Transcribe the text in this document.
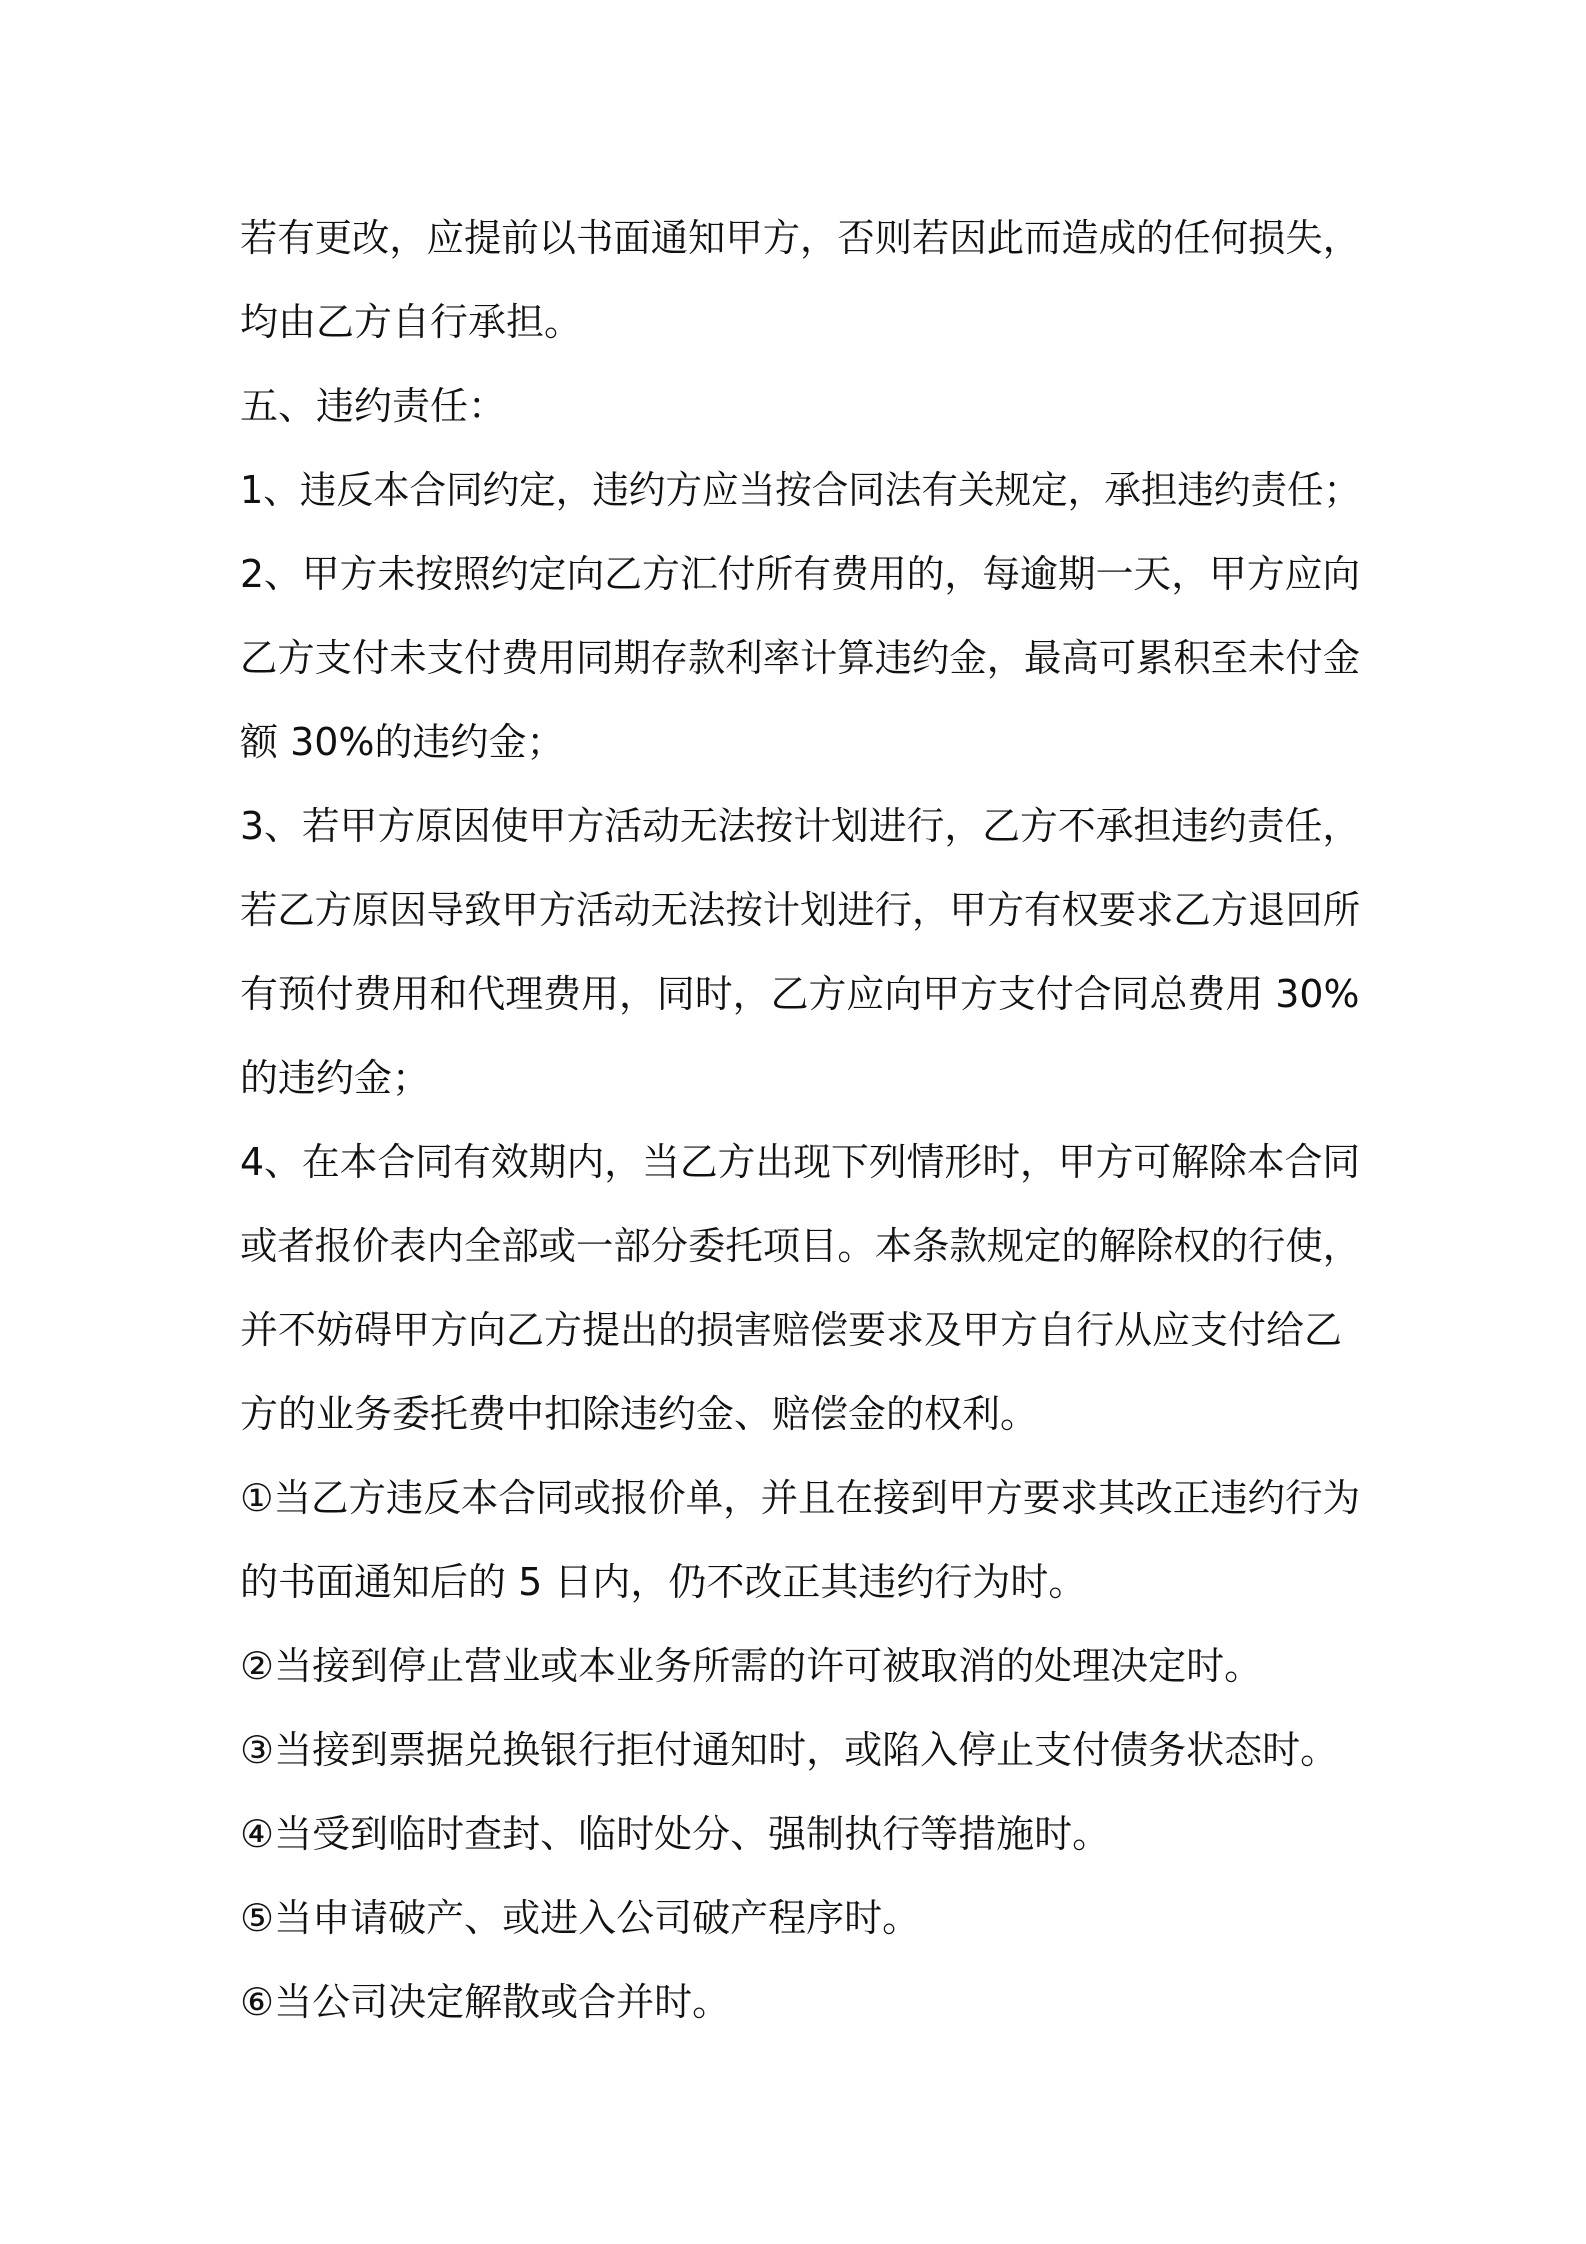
若有更改，应提前以书面通知甲方，否则若因此而造成的任何损失，
均由乙方自行承担。
五、违约责任：
1、违反本合同约定，违约方应当按合同法有关规定，承担违约责任；
2、甲方未按照约定向乙方汇付所有费用的，每逾期一天，甲方应向
乙方支付未支付费用同期存款利率计算违约金，最高可累积至未付金
额 30%的违约金；
3、若甲方原因使甲方活动无法按计划进行，乙方不承担违约责任，
若乙方原因导致甲方活动无法按计划进行，甲方有权要求乙方退回所
有预付费用和代理费用，同时，乙方应向甲方支付合同总费用 30%
的违约金；
4、在本合同有效期内，当乙方出现下列情形时，甲方可解除本合同
或者报价表内全部或一部分委托项目。本条款规定的解除权的行使，
并不妨碍甲方向乙方提出的损害赔偿要求及甲方自行从应支付给乙
方的业务委托费中扣除违约金、赔偿金的权利。
①当乙方违反本合同或报价单，并且在接到甲方要求其改正违约行为
的书面通知后的 5 日内，仍不改正其违约行为时。
②当接到停止营业或本业务所需的许可被取消的处理决定时。
③当接到票据兑换银行拒付通知时，或陷入停止支付债务状态时。
④当受到临时查封、临时处分、强制执行等措施时。
⑤当申请破产、或进入公司破产程序时。
⑥当公司决定解散或合并时。
